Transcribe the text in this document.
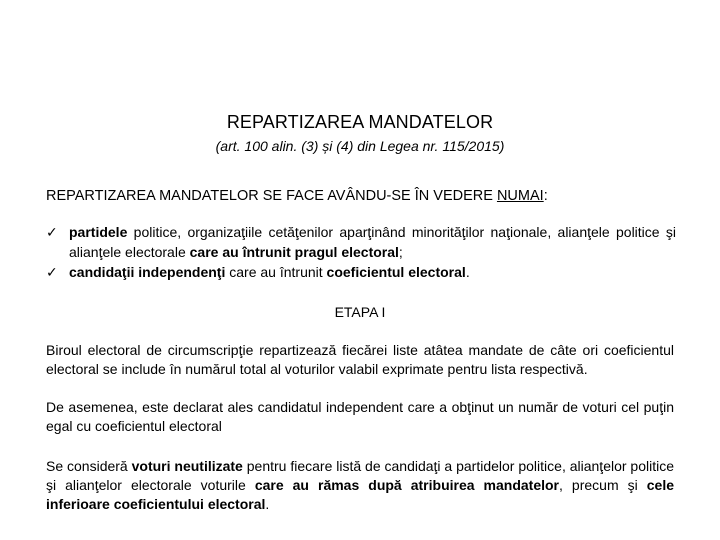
REPARTIZAREA MANDATELOR
(art. 100 alin. (3) și (4) din Legea nr. 115/2015)
REPARTIZAREA MANDATELOR SE FACE AVÂNDU-SE ÎN VEDERE NUMAI:
✓ partidele politice, organizaţiile cetăţenilor aparţinând minorităţilor naţionale, alianţele politice şi alianţele electorale care au întrunit pragul electoral;
✓ candidaţii independenţi care au întrunit coeficientul electoral.
ETAPA I

Biroul electoral de circumscripţie repartizează fiecărei liste atâtea mandate de câte ori coeficientul electoral se include în numărul total al voturilor valabil exprimate pentru lista respectivă.

De asemenea, este declarat ales candidatul independent care a obţinut un număr de voturi cel puţin egal cu coeficientul electoral

Se consideră voturi neutilizate pentru fiecare listă de candidaţi a partidelor politice, alianţelor politice şi alianţelor electorale voturile care au rămas după atribuirea mandatelor, precum şi cele inferioare coeficientului electoral.
